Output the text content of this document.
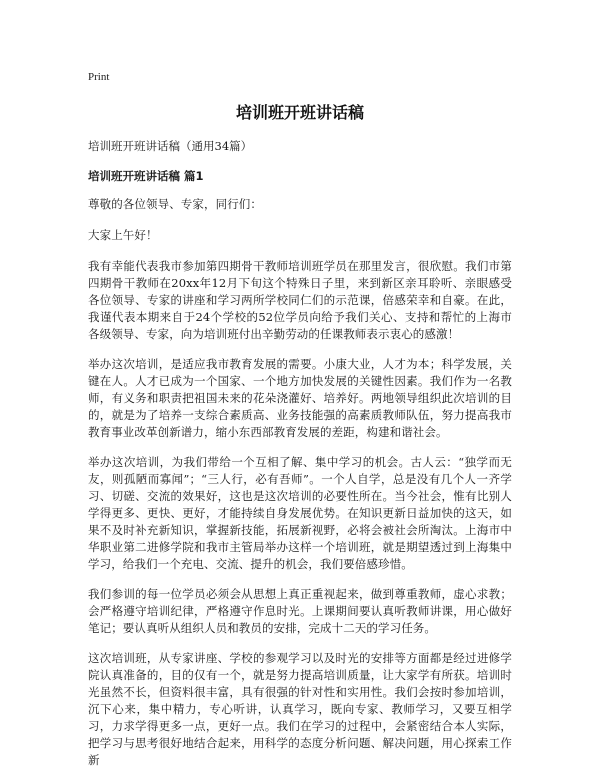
Print
培训班开班讲话稿
培训班开班讲话稿（通用34篇）
培训班开班讲话稿 篇1

尊敬的各位领导、专家，同行们：

大家上午好！

我有幸能代表我市参加第四期骨干教师培训班学员在那里发言，很欣慰。我们市第四期骨干教师在20xx年12月下旬这个特殊日子里，来到新区亲耳聆听、亲眼感受各位领导、专家的讲座和学习两所学校同仁们的示范课，倍感荣幸和自豪。在此，我谨代表本期来自于24个学校的52位学员向给予我们关心、支持和帮忙的上海市各级领导、专家，向为培训班付出辛勤劳动的任课教师表示衷心的感激！

举办这次培训，是适应我市教育发展的需要。小康大业，人才为本；科学发展，关键在人。人才已成为一个国家、一个地方加快发展的关键性因素。我们作为一名教师，有义务和职责把祖国未来的花朵浇灌好、培养好。两地领导组织此次培训的目的，就是为了培养一支综合素质高、业务技能强的高素质教师队伍，努力提高我市教育事业改革创新谱力，缩小东西部教育发展的差距，构建和谐社会。

举办这次培训，为我们带给一个互相了解、集中学习的机会。古人云：“独学而无友，则孤陋而寡闻”；“三人行，必有吾师”。一个人自学，总是没有几个人一齐学习、切磋、交流的效果好，这也是这次培训的必要性所在。当今社会，惟有比别人学得更多、更快、更好，才能持续自身发展优势。在知识更新日益加快的这天，如果不及时补充新知识，掌握新技能，拓展新视野，必将会被社会所淘汰。上海市中华职业第二进修学院和我市主管局举办这样一个培训班，就是期望透过到上海集中学习，给我们一个充电、交流、提升的机会，我们要倍感珍惜。

我们参训的每一位学员必须会从思想上真正重视起来，做到尊重教师，虚心求教；会严格遵守培训纪律，严格遵守作息时光。上课期间要认真听教师讲课，用心做好笔记；要认真听从组织人员和教员的安排，完成十二天的学习任务。

这次培训班，从专家讲座、学校的参观学习以及时光的安排等方面都是经过进修学院认真准备的，目的仅有一个，就是努力提高培训质量，让大家学有所获。培训时光虽然不长，但资料很丰富，具有很强的针对性和实用性。我们会按时参加培训，沉下心来，集中精力，专心听讲，认真学习，既向专家、教师学习，又要互相学习，力求学得更多一点，更好一点。我们在学习的过程中，会紧密结合本人实际，把学习与思考很好地结合起来，用科学的态度分析问题、解决问题，用心探索工作新
